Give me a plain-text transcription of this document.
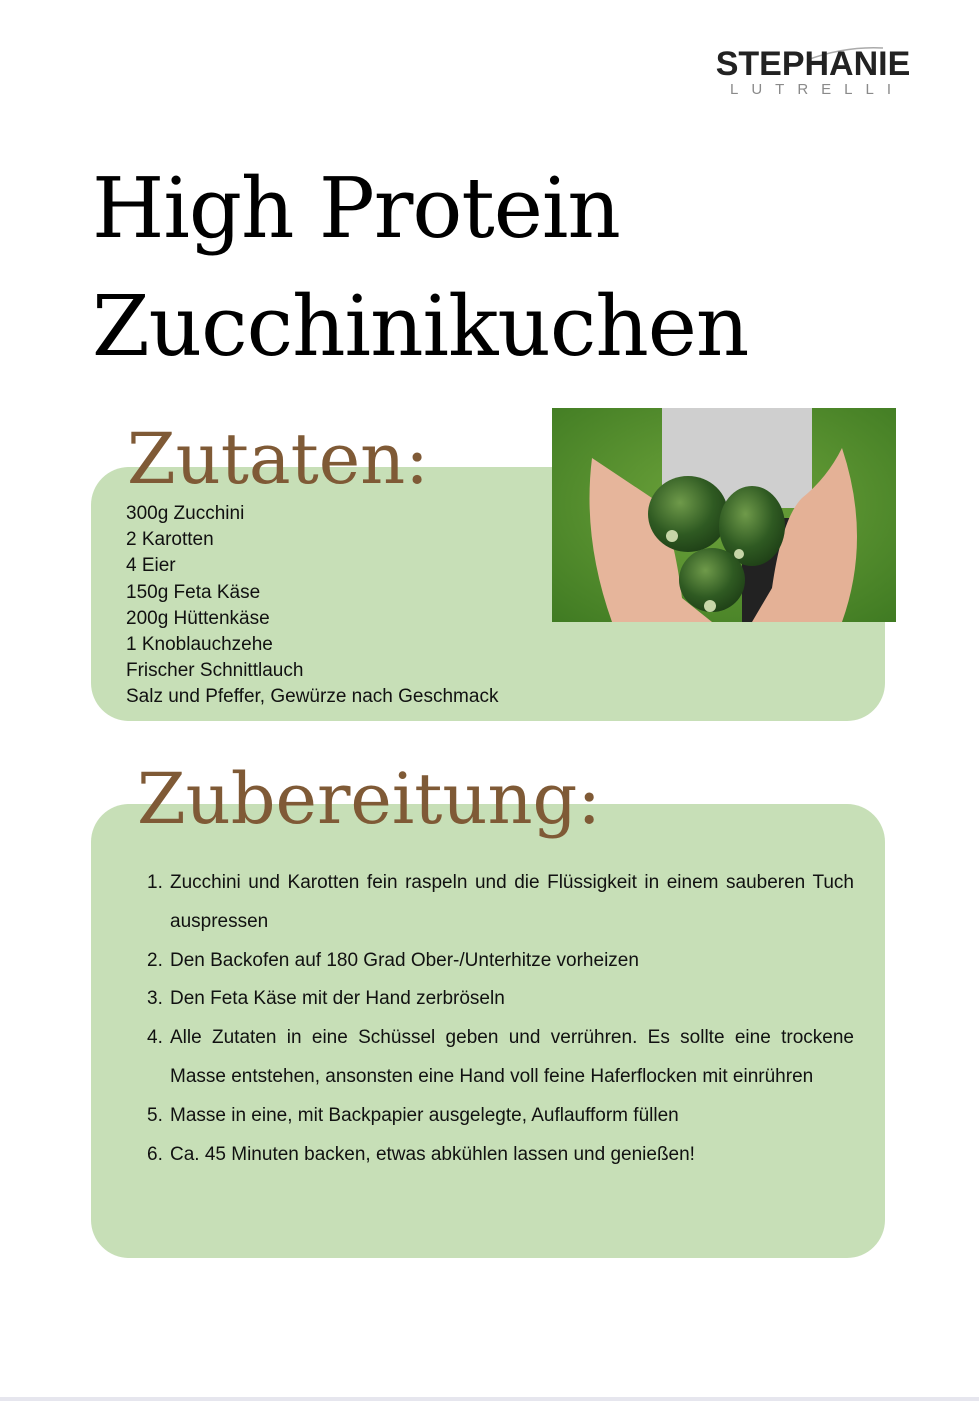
STEPHANIE
LUTRELLI
High Protein
Zucchinikuchen
Zutaten:
300g Zucchini
2 Karotten
4 Eier
150g Feta Käse
200g Hüttenkäse
1 Knoblauchzehe
Frischer Schnittlauch
Salz und Pfeffer, Gewürze nach Geschmack
Zubereitung:
1. Zucchini und Karotten fein raspeln und die Flüssigkeit in einem sauberen Tuch auspressen
2. Den Backofen auf 180 Grad Ober-/Unterhitze vorheizen
3. Den Feta Käse mit der Hand zerbröseln
4. Alle Zutaten in eine Schüssel geben und verrühren. Es sollte eine trockene Masse entstehen, ansonsten eine Hand voll feine Haferflocken mit einrühren
5. Masse in eine, mit Backpapier ausgelegte, Auflaufform füllen
6. Ca. 45 Minuten backen, etwas abkühlen lassen und genießen!
